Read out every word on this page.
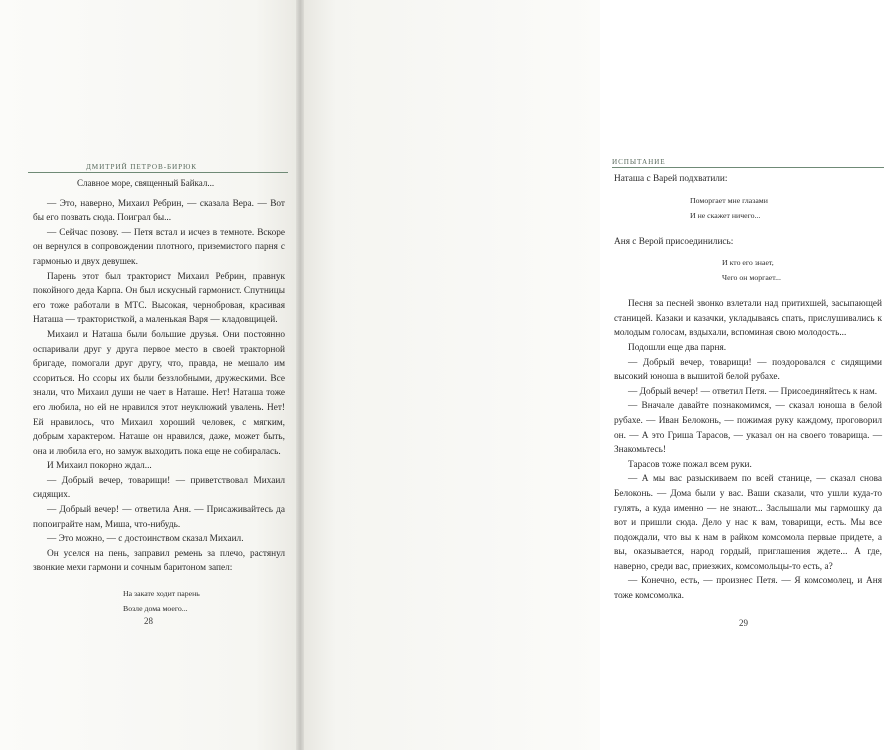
ДМИТРИЙ ПЕТРОВ-БИРЮК

Славное море, священный Байкал...

— Это, наверно, Михаил Ребрин, — сказала Вера. — Вот бы его позвать сюда. Поиграл бы...

— Сейчас позову. — Петя встал и исчез в темноте. Вскоре он вернулся в сопровождении плотного, приземистого парня с гармонью и двух девушек.

Парень этот был тракторист Михаил Ребрин, правнук покойного деда Карпа. Он был искусный гармонист. Спутницы его тоже работали в МТС. Высокая, чернобровая, красивая Наташа — трактористкой, а маленькая Варя — кладовщицей.

Михаил и Наташа были большие друзья. Они постоянно оспаривали друг у друга первое место в своей тракторной бригаде, помогали друг другу, что, правда, не мешало им ссориться. Но ссоры их были беззлобными, дружескими. Все знали, что Михаил души не чает в Наташе. Нет! Наташа тоже его любила, но ей не нравился этот неуклюжий увалень. Нет! Ей нравилось, что Михаил хороший человек, с мягким, добрым характером. Наташе он нравился, даже, может быть, она и любила его, но замуж выходить пока еще не собиралась.

И Михаил покорно ждал...

— Добрый вечер, товарищи! — приветствовал Михаил сидящих.

— Добрый вечер! — ответила Аня. — Присаживайтесь да попоиграйте нам, Миша, что-нибудь.

— Это можно, — с достоинством сказал Михаил.

Он уселся на пень, заправил ремень за плечо, растянул звонкие мехи гармони и сочным баритоном запел:

На закате ходит парень
Возле дома моего...
28
ИСПЫТАНИЕ

Наташа с Варей подхватили:

Поморгает мне глазами
И не скажет ничего...

Аня с Верой присоединились:

И кто его знает,
Чего он моргает...

Песня за песней звонко взлетали над притихшей, засыпающей станицей. Казаки и казачки, укладываясь спать, прислушивались к молодым голосам, вздыхали, вспоминая свою молодость...

Подошли еще два парня.

— Добрый вечер, товарищи! — поздоровался с сидящими высокий юноша в вышитой белой рубахе.

— Добрый вечер! — ответил Петя. — Присоединяйтесь к нам.

— Вначале давайте познакомимся, — сказал юноша в белой рубахе. — Иван Белоконь, — пожимая руку каждому, проговорил он. — А это Гриша Тарасов, — указал он на своего товарища. — Знакомьтесь!

Тарасов тоже пожал всем руки.

— А мы вас разыскиваем по всей станице, — сказал снова Белоконь. — Дома были у вас. Ваши сказали, что ушли куда-то гулять, а куда именно — не знают... Заслышали мы гармошку да вот и пришли сюда. Дело у нас к вам, товарищи, есть. Мы все подождали, что вы к нам в райком комсомола первые придете, а вы, оказывается, народ гордый, приглашения ждете... А где, наверно, среди вас, приезжих, комсомольцы-то есть, а?

— Конечно, есть, — произнес Петя. — Я комсомолец, и Аня тоже комсомолка.

29
